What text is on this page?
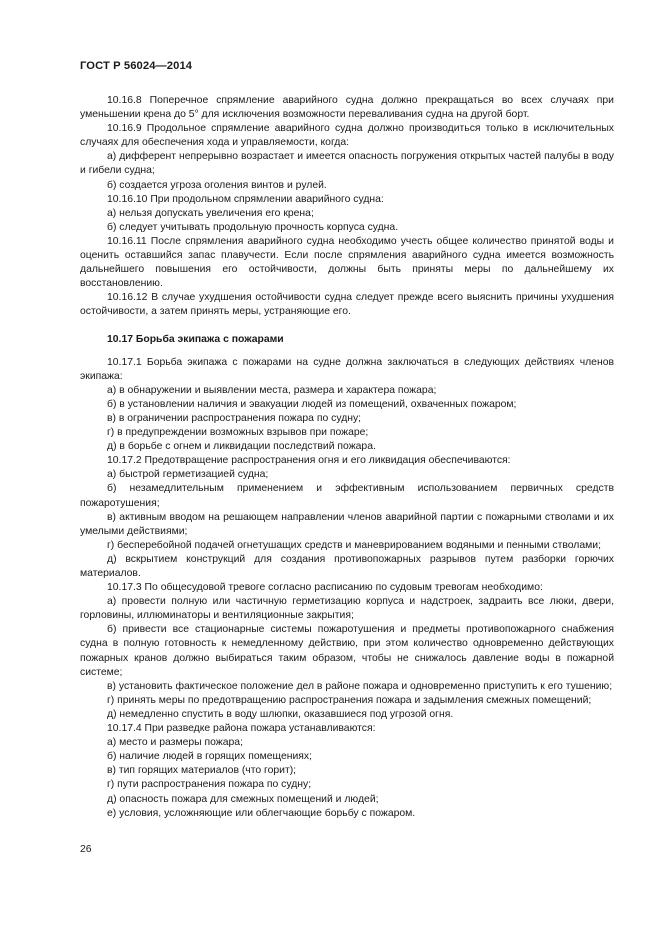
ГОСТ Р 56024—2014

10.16.8 Поперечное спрямление аварийного судна должно прекращаться во всех случаях при уменьшении крена до 5° для исключения возможности переваливания судна на другой борт.

10.16.9 Продольное спрямление аварийного судна должно производиться только в исключительных случаях для обеспечения хода и управляемости, когда:

а) дифферент непрерывно возрастает и имеется опасность погружения открытых частей палубы в воду и гибели судна;

б) создается угроза оголения винтов и рулей.

10.16.10 При продольном спрямлении аварийного судна:

а) нельзя допускать увеличения его крена;

б) следует учитывать продольную прочность корпуса судна.

10.16.11 После спрямления аварийного судна необходимо учесть общее количество принятой воды и оценить оставшийся запас плавучести. Если после спрямления аварийного судна имеется возможность дальнейшего повышения его остойчивости, должны быть приняты меры по дальнейшему их восстановлению.

10.16.12 В случае ухудшения остойчивости судна следует прежде всего выяснить причины ухудшения остойчивости, а затем принять меры, устраняющие его.

10.17 Борьба экипажа с пожарами

10.17.1 Борьба экипажа с пожарами на судне должна заключаться в следующих действиях членов экипажа:

а) в обнаружении и выявлении места, размера и характера пожара;

б) в установлении наличия и эвакуации людей из помещений, охваченных пожаром;

в) в ограничении распространения пожара по судну;

г) в предупреждении возможных взрывов при пожаре;

д) в борьбе с огнем и ликвидации последствий пожара.

10.17.2 Предотвращение распространения огня и его ликвидация обеспечиваются:

а) быстрой герметизацией судна;

б) незамедлительным применением и эффективным использованием первичных средств пожаротушения;

в) активным вводом на решающем направлении членов аварийной партии с пожарными стволами и их умелыми действиями;

г) бесперебойной подачей огнетушащих средств и маневрированием водяными и пенными стволами;

д) вскрытием конструкций для создания противопожарных разрывов путем разборки горючих материалов.

10.17.3 По общесудовой тревоге согласно расписанию по судовым тревогам необходимо:

а) провести полную или частичную герметизацию корпуса и надстроек, задраить все люки, двери, горловины, иллюминаторы и вентиляционные закрытия;

б) привести все стационарные системы пожаротушения и предметы противопожарного снабжения судна в полную готовность к немедленному действию, при этом количество одновременно действующих пожарных кранов должно выбираться таким образом, чтобы не снижалось давление воды в пожарной системе;

в) установить фактическое положение дел в районе пожара и одновременно приступить к его тушению;

г) принять меры по предотвращению распространения пожара и задымления смежных помещений;

д) немедленно спустить в воду шлюпки, оказавшиеся под угрозой огня.

10.17.4 При разведке района пожара устанавливаются:

а) место и размеры пожара;

б) наличие людей в горящих помещениях;

в) тип горящих материалов (что горит);

г) пути распространения пожара по судну;

д) опасность пожара для смежных помещений и людей;

е) условия, усложняющие или облегчающие борьбу с пожаром.

26
